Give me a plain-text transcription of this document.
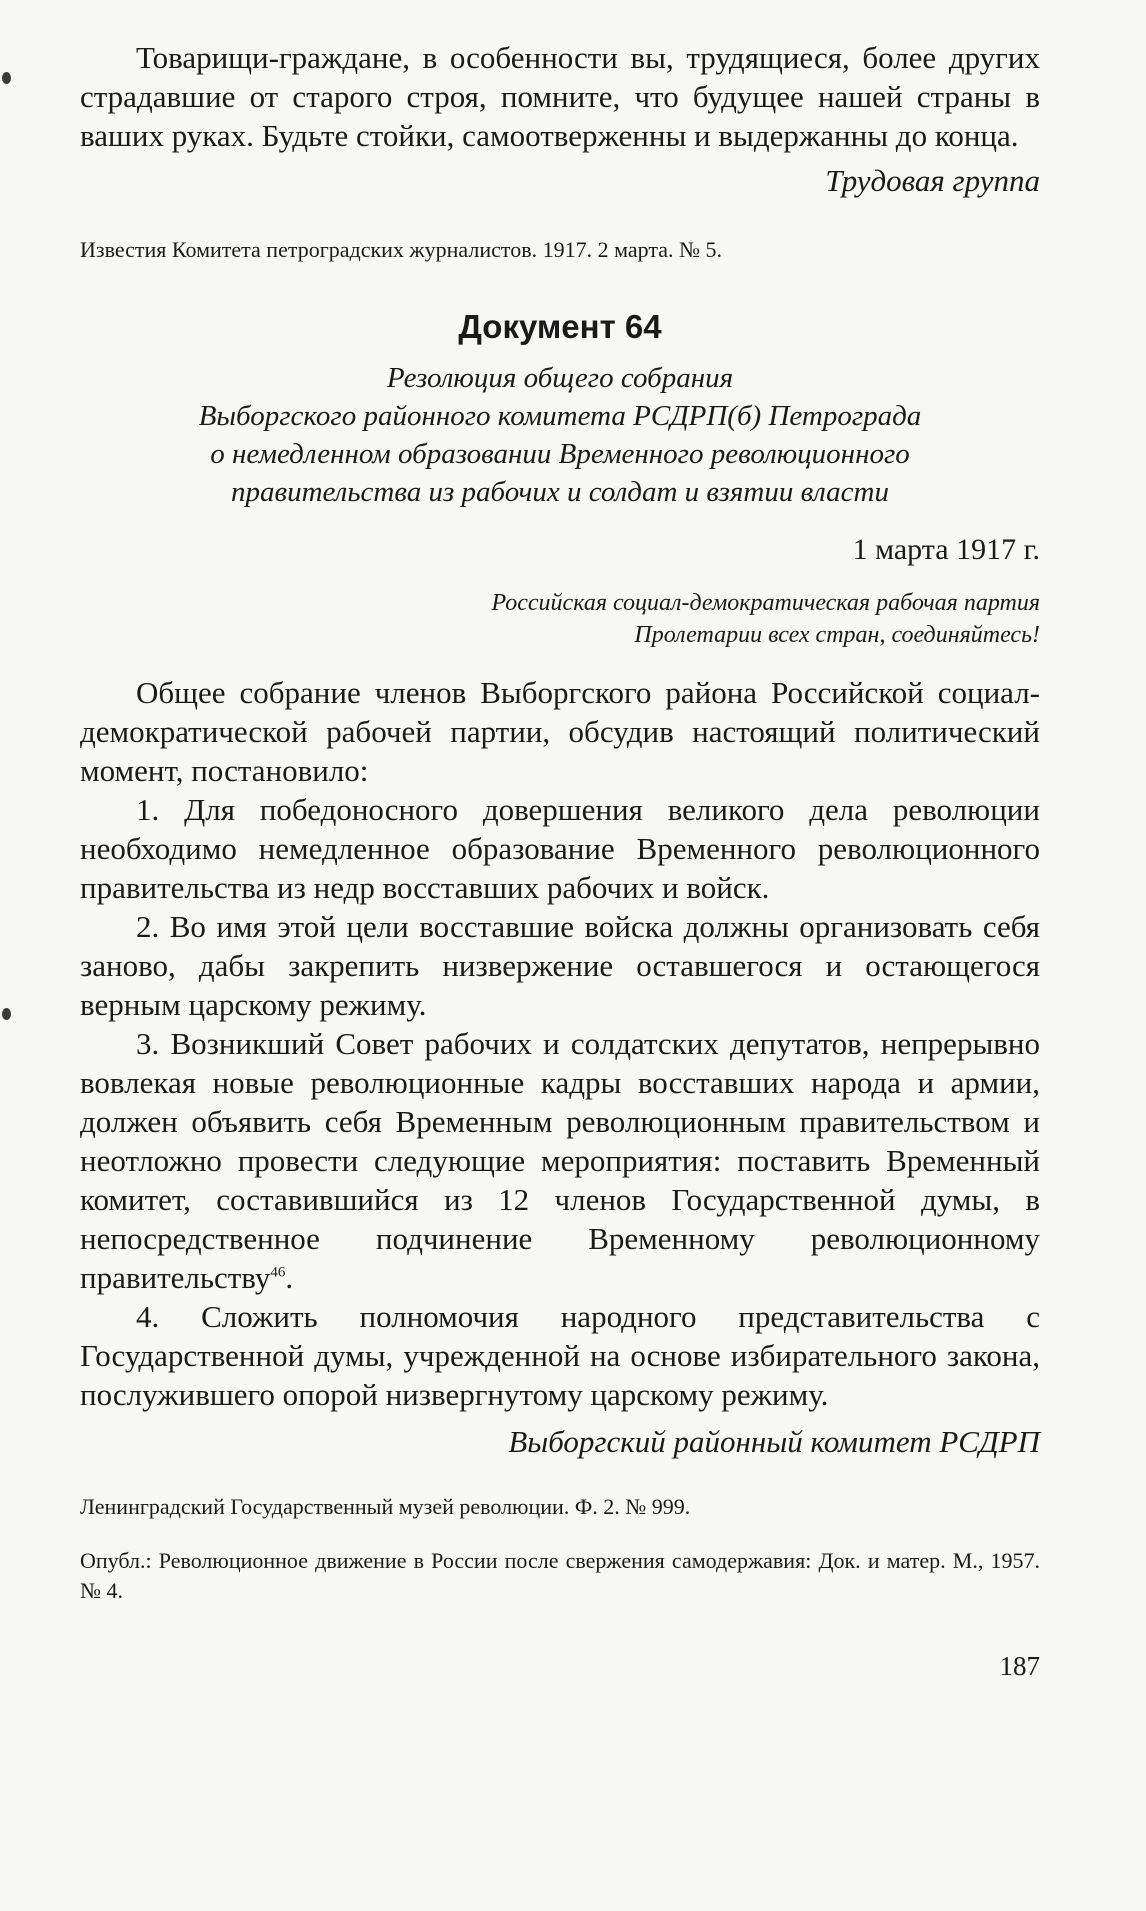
Товарищи-граждане, в особенности вы, трудящиеся, более других страдавшие от старого строя, помните, что будущее нашей страны в ваших руках. Будьте стойки, самоотверженны и выдержанны до конца.

Трудовая группа

Известия Комитета петроградских журналистов. 1917. 2 марта. № 5.

Документ 64

Резолюция общего собрания

Выборгского районного комитета РСДРП(б) Петрограда

о немедленном образовании Временного революционного

правительства из рабочих и солдат и взятии власти

1 марта 1917 г.

Российская социал-демократическая рабочая партия

Пролетарии всех стран, соединяйтесь!

Общее собрание членов Выборгского района Российской социал-демократической рабочей партии, обсудив настоящий политический момент, постановило:

1. Для победоносного довершения великого дела революции необходимо немедленное образование Временного революционного правительства из недр восставших рабочих и войск.

2. Во имя этой цели восставшие войска должны организовать себя заново, дабы закрепить низвержение оставшегося и остающегося верным царскому режиму.

3. Возникший Совет рабочих и солдатских депутатов, непрерывно вовлекая новые революционные кадры восставших народа и армии, должен объявить себя Временным революционным правительством и неотложно провести следующие мероприятия: поставить Временный комитет, составившийся из 12 членов Государственной думы, в непосредственное подчинение Временному революционному правительству$^{46}$.

4. Сложить полномочия народного представительства с Государственной думы, учрежденной на основе избирательного закона, послужившего опорой низвергнутому царскому режиму.

Выборгский районный комитет РСДРП

Ленинградский Государственный музей революции. Ф. 2. № 999.

Опубл.: Революционное движение в России после свержения самодержавия: Док. и матер. М., 1957. № 4.

187
